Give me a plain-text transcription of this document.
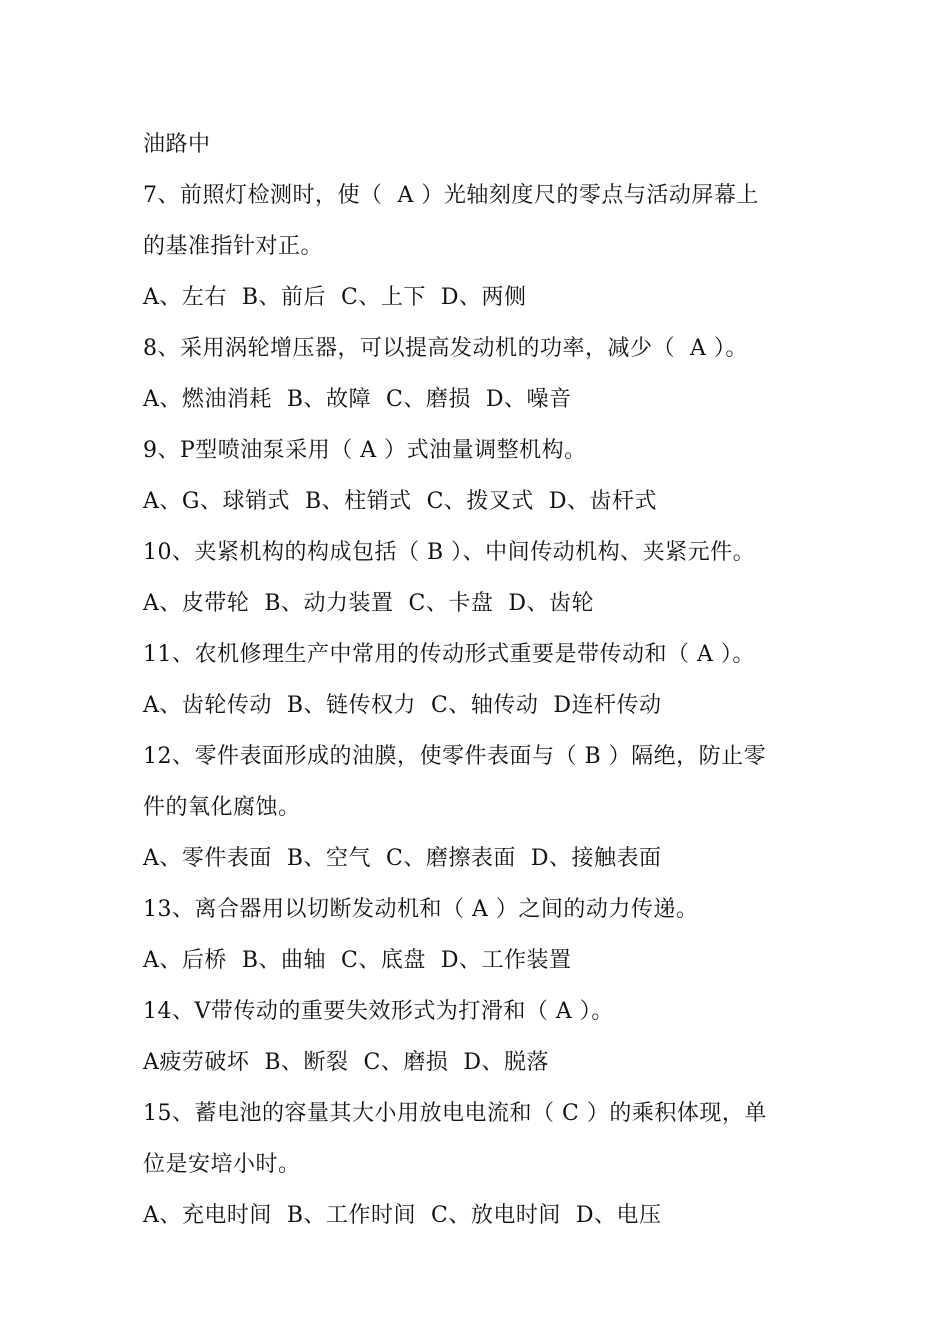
油路中
7、前照灯检测时，使（  A ）光轴刻度尺的零点与活动屏幕上
的基准指针对正。
A、左右  B、前后  C、上下  D、两侧
8、采用涡轮增压器，可以提高发动机的功率，减少（  A ）。
A、燃油消耗  B、故障  C、磨损  D、噪音
9、P型喷油泵采用（ A ）式油量调整机构。
A、G、球销式  B、柱销式  C、拨叉式  D、齿杆式
10、夹紧机构的构成包括（ B ）、中间传动机构、夹紧元件。
A、皮带轮  B、动力装置  C、卡盘  D、齿轮
11、农机修理生产中常用的传动形式重要是带传动和（ A ）。
A、齿轮传动  B、链传权力  C、轴传动  D连杆传动
12、零件表面形成的油膜，使零件表面与（ B ）隔绝，防止零
件的氧化腐蚀。
A、零件表面  B、空气  C、磨擦表面  D、接触表面
13、离合器用以切断发动机和（ A ）之间的动力传递。
A、后桥  B、曲轴  C、底盘  D、工作装置
14、V带传动的重要失效形式为打滑和（ A ）。
A疲劳破坏  B、断裂  C、磨损  D、脱落
15、蓄电池的容量其大小用放电电流和（ C ）的乘积体现，单
位是安培小时。
A、充电时间  B、工作时间  C、放电时间  D、电压
